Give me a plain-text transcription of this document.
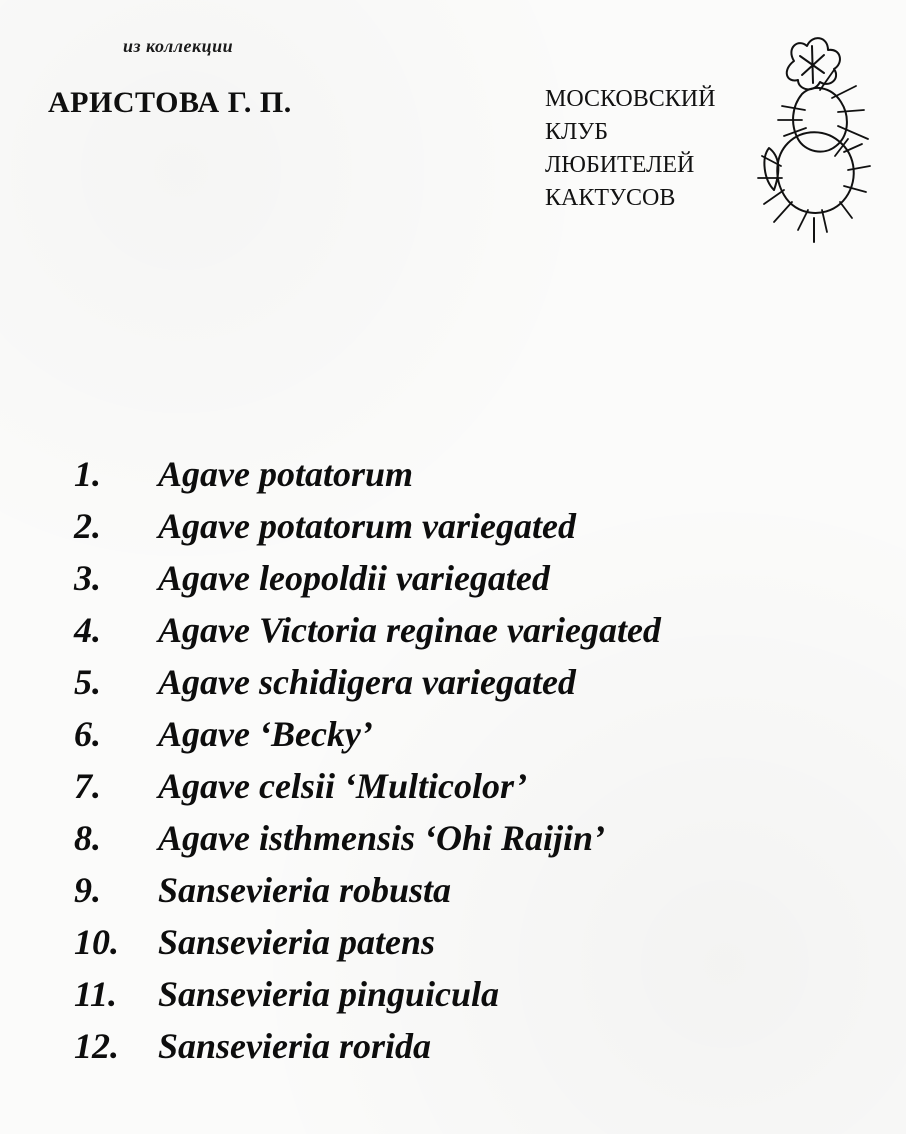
из коллекции
АРИСТОВА Г. П.	МОСКОВСКИЙ
КЛУБ
ЛЮБИТЕЛЕЙ
КАКТУСОВ
1.	Agave potatorum
2.	Agave potatorum variegated
3.	Agave leopoldii variegated
4.	Agave Victoria reginae variegated
5.	Agave schidigera variegated
6.	Agave ‘Becky’
7.	Agave celsii ‘Multicolor’
8.	Agave isthmensis ‘Ohi Raijin’
9.	Sansevieria robusta
10.	Sansevieria patens
11.	Sansevieria pinguicula
12.	Sansevieria rorida
